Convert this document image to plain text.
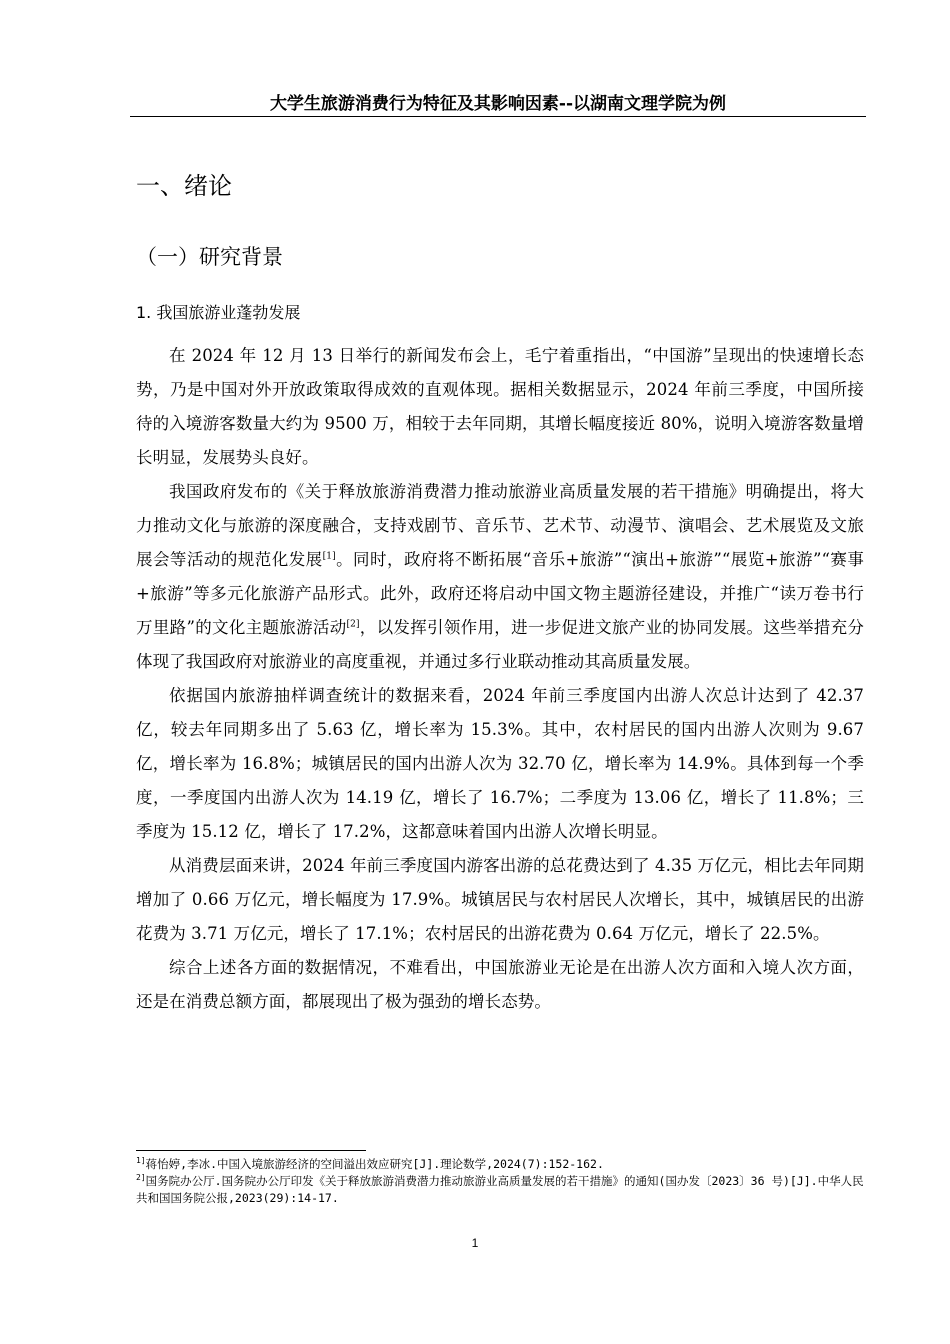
大学生旅游消费行为特征及其影响因素--以湖南文理学院为例
一、绪论
（一）研究背景
1. 我国旅游业蓬勃发展

在 2024 年 12 月 13 日举行的新闻发布会上，毛宁着重指出，“中国游”呈现出的快速增长态势，乃是中国对外开放政策取得成效的直观体现。据相关数据显示，2024 年前三季度，中国所接待的入境游客数量大约为 9500 万，相较于去年同期，其增长幅度接近 80%，说明入境游客数量增长明显，发展势头良好。

我国政府发布的《关于释放旅游消费潜力推动旅游业高质量发展的若干措施》明确提出，将大力推动文化与旅游的深度融合，支持戏剧节、音乐节、艺术节、动漫节、演唱会、艺术展览及文旅展会等活动的规范化发展[1]。同时，政府将不断拓展“音乐+旅游”“演出+旅游”“展览+旅游”“赛事+旅游”等多元化旅游产品形式。此外，政府还将启动中国文物主题游径建设，并推广“读万卷书行万里路”的文化主题旅游活动[2]，以发挥引领作用，进一步促进文旅产业的协同发展。这些举措充分体现了我国政府对旅游业的高度重视，并通过多行业联动推动其高质量发展。

依据国内旅游抽样调查统计的数据来看，2024 年前三季度国内出游人次总计达到了 42.37 亿，较去年同期多出了 5.63 亿，增长率为 15.3%。其中，农村居民的国内出游人次则为 9.67 亿，增长率为 16.8%；城镇居民的国内出游人次为 32.70 亿，增长率为 14.9%。具体到每一个季度，一季度国内出游人次为 14.19 亿，增长了 16.7%；二季度为 13.06 亿，增长了 11.8%；三季度为 15.12 亿，增长了 17.2%，这都意味着国内出游人次增长明显。

从消费层面来讲，2024 年前三季度国内游客出游的总花费达到了 4.35 万亿元，相比去年同期增加了 0.66 万亿元，增长幅度为 17.9%。城镇居民与农村居民人次增长，其中，城镇居民的出游花费为 3.71 万亿元，增长了 17.1%；农村居民的出游花费为 0.64 万亿元，增长了 22.5%。

综合上述各方面的数据情况，不难看出，中国旅游业无论是在出游人次方面和入境人次方面，还是在消费总额方面，都展现出了极为强劲的增长态势。

$^{1]}$蒋怡婷,李冰.中国入境旅游经济的空间溢出效应研究[J].理论数学,2024(7):152-162.

$^{2]}$国务院办公厅.国务院办公厅印发《关于释放旅游消费潜力推动旅游业高质量发展的若干措施》的通知(国办发〔2023〕36 号)[J].中华人民共和国国务院公报,2023(29):14-17.

1
